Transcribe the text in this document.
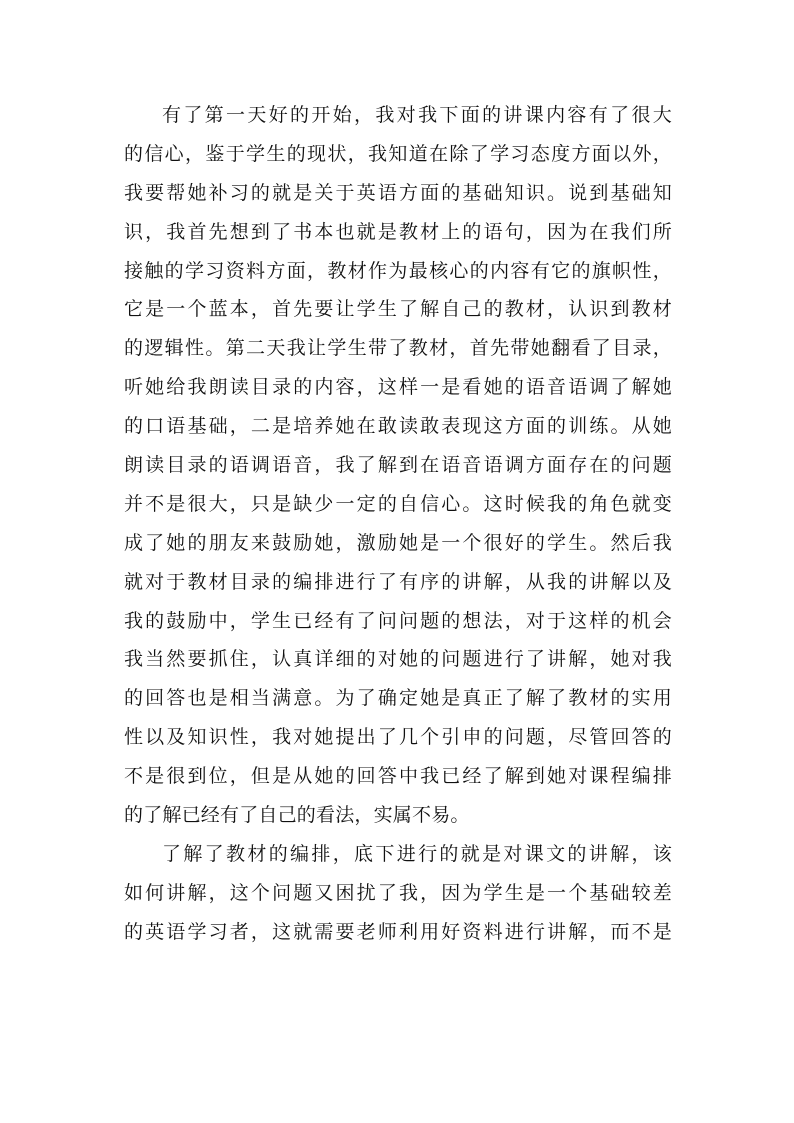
有了第一天好的开始，我对我下面的讲课内容有了很大
的信心，鉴于学生的现状，我知道在除了学习态度方面以外，
我要帮她补习的就是关于英语方面的基础知识。说到基础知
识，我首先想到了书本也就是教材上的语句，因为在我们所
接触的学习资料方面，教材作为最核心的内容有它的旗帜性，
它是一个蓝本，首先要让学生了解自己的教材，认识到教材
的逻辑性。第二天我让学生带了教材，首先带她翻看了目录，
听她给我朗读目录的内容，这样一是看她的语音语调了解她
的口语基础，二是培养她在敢读敢表现这方面的训练。从她
朗读目录的语调语音，我了解到在语音语调方面存在的问题
并不是很大，只是缺少一定的自信心。这时候我的角色就变
成了她的朋友来鼓励她，激励她是一个很好的学生。然后我
就对于教材目录的编排进行了有序的讲解，从我的讲解以及
我的鼓励中，学生已经有了问问题的想法，对于这样的机会
我当然要抓住，认真详细的对她的问题进行了讲解，她对我
的回答也是相当满意。为了确定她是真正了解了教材的实用
性以及知识性，我对她提出了几个引申的问题，尽管回答的
不是很到位，但是从她的回答中我已经了解到她对课程编排
的了解已经有了自己的看法，实属不易。
了解了教材的编排，底下进行的就是对课文的讲解，该
如何讲解，这个问题又困扰了我，因为学生是一个基础较差
的英语学习者，这就需要老师利用好资料进行讲解，而不是
